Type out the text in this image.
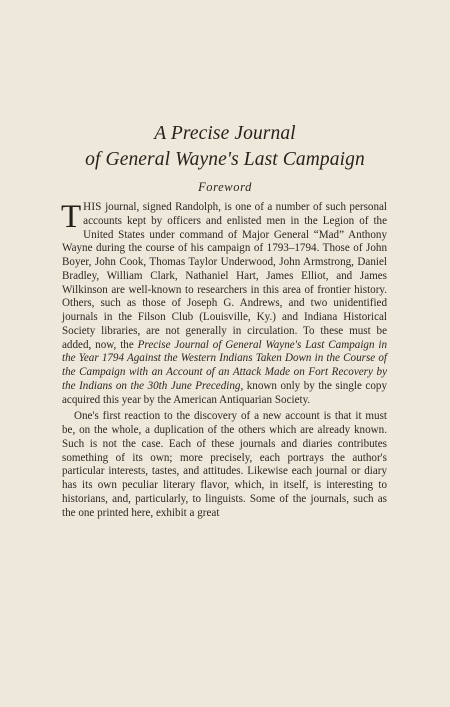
A Precise Journal
of General Wayne's Last Campaign
Foreword

THIS journal, signed Randolph, is one of a number of such personal accounts kept by officers and enlisted men in the Legion of the United States under command of Major General “Mad” Anthony Wayne during the course of his campaign of 1793–1794. Those of John Boyer, John Cook, Thomas Taylor Underwood, John Armstrong, Daniel Bradley, William Clark, Nathaniel Hart, James Elliot, and James Wilkinson are well-known to researchers in this area of frontier history. Others, such as those of Joseph G. Andrews, and two unidentified journals in the Filson Club (Louisville, Ky.) and Indiana Historical Society libraries, are not generally in circulation. To these must be added, now, the Precise Journal of General Wayne's Last Campaign in the Year 1794 Against the Western Indians Taken Down in the Course of the Campaign with an Account of an Attack Made on Fort Recovery by the Indians on the 30th June Preceding, known only by the single copy acquired this year by the American Antiquarian Society.

One's first reaction to the discovery of a new account is that it must be, on the whole, a duplication of the others which are already known. Such is not the case. Each of these journals and diaries contributes something of its own; more precisely, each portrays the author's particular interests, tastes, and attitudes. Likewise each journal or diary has its own peculiar literary flavor, which, in itself, is interesting to historians, and, particularly, to linguists. Some of the journals, such as the one printed here, exhibit a great
